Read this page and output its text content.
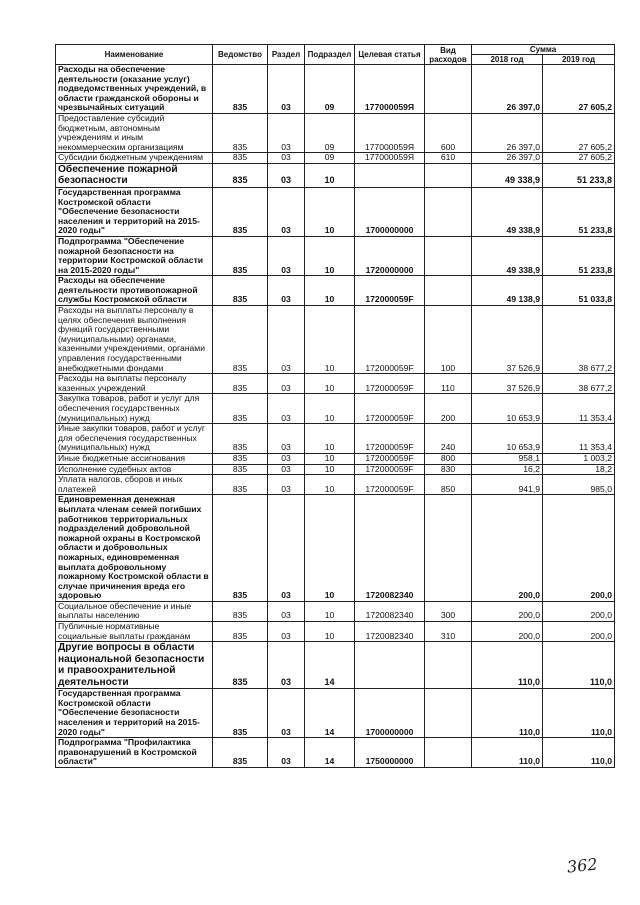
Наименование	Ведомство	Раздел	Подраздел	Целевая статья	Вид расходов	Сумма	
						2018 год	2019 год
Расходы на обеспечение деятельности (оказание услуг) подведомственных учреждений, в области гражданской обороны и чрезвычайных ситуаций	835	03	09	177000059Я		26 397,0	27 605,2
Предоставление субсидий бюджетным, автономным учреждениям и иным некоммерческим организациям	835	03	09	177000059Я	600	26 397,0	27 605,2
Субсидии бюджетным учреждениям	835	03	09	177000059Я	610	26 397,0	27 605,2
Обеспечение пожарной безопасности	835	03	10			49 338,9	51 233,8
Государственная программа Костромской области "Обеспечение безопасности населения и территорий на 2015-2020 годы"	835	03	10	1700000000		49 338,9	51 233,8
Подпрограмма "Обеспечение пожарной безопасности на территории Костромской области на 2015-2020 годы"	835	03	10	1720000000		49 338,9	51 233,8
Расходы на обеспечение деятельности противопожарной службы Костромской области	835	03	10	172000059F		49 138,9	51 033,8
Расходы на выплаты персоналу в целях обеспечения выполнения функций государственными (муниципальными) органами, казенными учреждениями, органами управления государственными внебюджетными фондами	835	03	10	172000059F	100	37 526,9	38 677,2
Расходы на выплаты персоналу казенных учреждений	835	03	10	172000059F	110	37 526,9	38 677,2
Закупка товаров, работ и услуг для обеспечения государственных (муниципальных) нужд	835	03	10	172000059F	200	10 653,9	11 353,4
Иные закупки товаров, работ и услуг для обеспечения государственных (муниципальных) нужд	835	03	10	172000059F	240	10 653,9	11 353,4
Иные бюджетные ассигнования	835	03	10	172000059F	800	958,1	1 003,2
Исполнение судебных актов	835	03	10	172000059F	830	16,2	18,2
Уплата налогов, сборов и иных платежей	835	03	10	172000059F	850	941,9	985,0
Единовременная денежная выплата членам семей погибших работников территориальных подразделений добровольной пожарной охраны в Костромской области и добровольных пожарных, единовременная выплата добровольному пожарному Костромской области в случае причинения вреда его здоровью	835	03	10	1720082340		200,0	200,0
Социальное обеспечение и иные выплаты населению	835	03	10	1720082340	300	200,0	200,0
Публичные нормативные социальные выплаты гражданам	835	03	10	1720082340	310	200,0	200,0
Другие вопросы в области национальной безопасности и правоохранительной деятельности	835	03	14			110,0	110,0
Государственная программа Костромской области "Обеспечение безопасности населения и территорий на 2015-2020 годы"	835	03	14	1700000000		110,0	110,0
Подпрограмма "Профилактика правонарушений в Костромской области"	835	03	14	1750000000		110,0	110,0
362
